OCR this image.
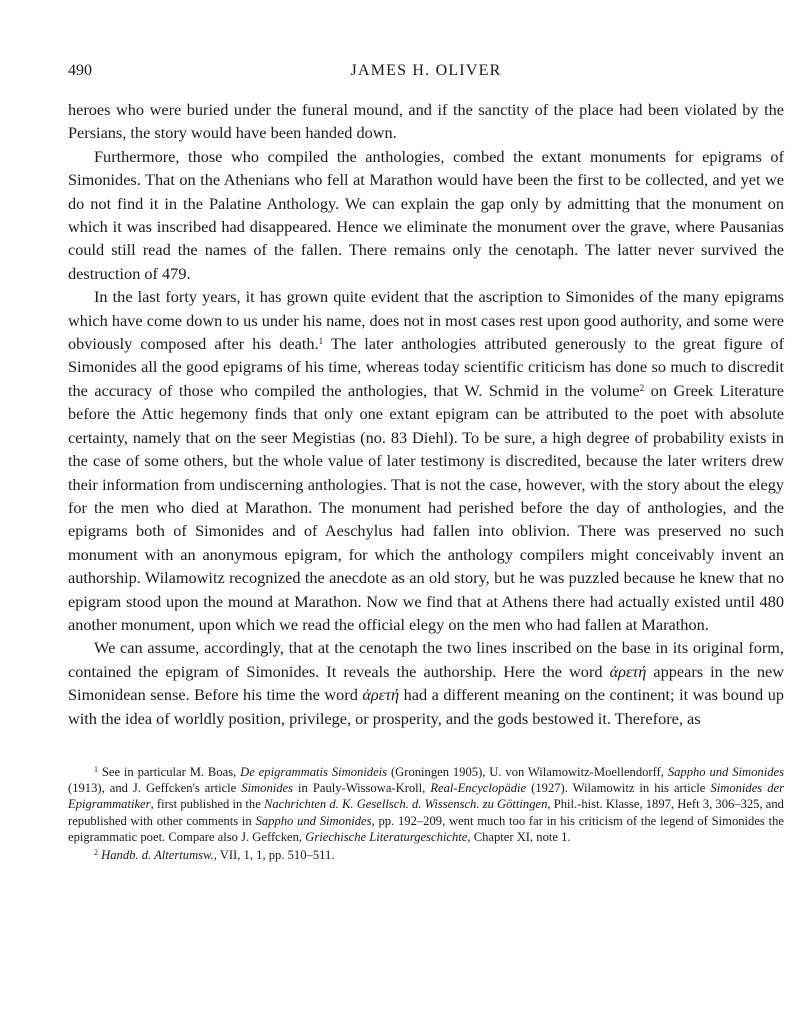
490	JAMES H. OLIVER

heroes who were buried under the funeral mound, and if the sanctity of the place had been violated by the Persians, the story would have been handed down.

Furthermore, those who compiled the anthologies, combed the extant monuments for epigrams of Simonides. That on the Athenians who fell at Marathon would have been the first to be collected, and yet we do not find it in the Palatine Anthology. We can explain the gap only by admitting that the monument on which it was inscribed had disappeared. Hence we eliminate the monument over the grave, where Pausanias could still read the names of the fallen. There remains only the cenotaph. The latter never survived the destruction of 479.

In the last forty years, it has grown quite evident that the ascription to Simonides of the many epigrams which have come down to us under his name, does not in most cases rest upon good authority, and some were obviously composed after his death.$^1$ The later anthologies attributed generously to the great figure of Simonides all the good epigrams of his time, whereas today scientific criticism has done so much to discredit the accuracy of those who compiled the anthologies, that W. Schmid in the volume$^2$ on Greek Literature before the Attic hegemony finds that only one extant epigram can be attributed to the poet with absolute certainty, namely that on the seer Megistias (no. 83 Diehl). To be sure, a high degree of probability exists in the case of some others, but the whole value of later testimony is discredited, because the later writers drew their information from undiscerning anthologies. That is not the case, however, with the story about the elegy for the men who died at Marathon. The monument had perished before the day of anthologies, and the epigrams both of Simonides and of Aeschylus had fallen into oblivion. There was preserved no such monument with an anonymous epigram, for which the anthology compilers might conceivably invent an authorship. Wilamowitz recognized the anecdote as an old story, but he was puzzled because he knew that no epigram stood upon the mound at Marathon. Now we find that at Athens there had actually existed until 480 another monument, upon which we read the official elegy on the men who had fallen at Marathon.

We can assume, accordingly, that at the cenotaph the two lines inscribed on the base in its original form, contained the epigram of Simonides. It reveals the authorship. Here the word ἀρετή appears in the new Simonidean sense. Before his time the word ἀρετή had a different meaning on the continent; it was bound up with the idea of worldly position, privilege, or prosperity, and the gods bestowed it. Therefore, as

$^1$ See in particular M. Boas, De epigrammatis Simonideis (Groningen 1905), U. von Wilamowitz-Moellendorff, Sappho und Simonides (1913), and J. Geffcken's article Simonides in Pauly-Wissowa-Kroll, Real-Encyclopädie (1927). Wilamowitz in his article Simonides der Epigrammatiker, first published in the Nachrichten d. K. Gesellsch. d. Wissensch. zu Göttingen, Phil.-hist. Klasse, 1897, Heft 3, 306–325, and republished with other comments in Sappho und Simonides, pp. 192–209, went much too far in his criticism of the legend of Simonides the epigrammatic poet. Compare also J. Geffcken, Griechische Literaturgeschichte, Chapter XI, note 1.

$^2$ Handb. d. Altertumsw., VII, 1, 1, pp. 510–511.
